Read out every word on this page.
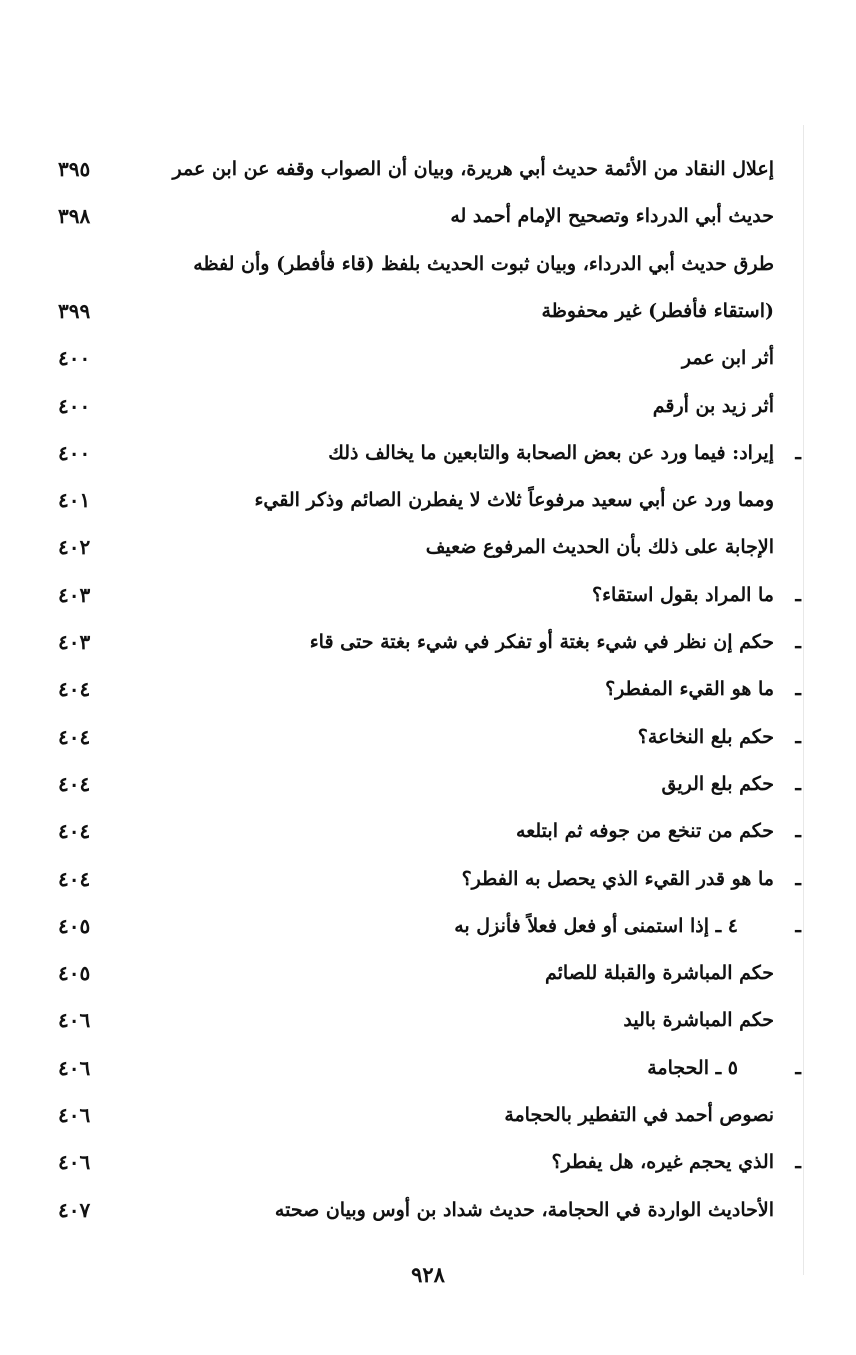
إعلال النقاد من الأئمة حديث أبي هريرة، وبيان أن الصواب وقفه عن ابن عمر
٣٩٥
حديث أبي الدرداء وتصحيح الإمام أحمد له
٣٩٨
طرق حديث أبي الدرداء، وبيان ثبوت الحديث بلفظ (قاء فأفطر) وأن لفظه
(استقاء فأفطر) غير محفوظة
٣٩٩
أثر ابن عمر
٤٠٠
أثر زيد بن أرقم
٤٠٠
ـ
إيراد: فيما ورد عن بعض الصحابة والتابعين ما يخالف ذلك
٤٠٠
ومما ورد عن أبي سعيد مرفوعاً ثلاث لا يفطرن الصائم وذكر القيء
٤٠١
الإجابة على ذلك بأن الحديث المرفوع ضعيف
٤٠٢
ـ
ما المراد بقول استقاء؟
٤٠٣
ـ
حكم إن نظر في شيء بغتة أو تفكر في شيء بغتة حتى قاء
٤٠٣
ـ
ما هو القيء المفطر؟
٤٠٤
ـ
حكم بلع النخاعة؟
٤٠٤
ـ
حكم بلع الريق
٤٠٤
ـ
حكم من تنخع من جوفه ثم ابتلعه
٤٠٤
ـ
ما هو قدر القيء الذي يحصل به الفطر؟
٤٠٤
ـ
٤ ـ إذا استمنى أو فعل فعلاً فأنزل به
٤٠٥
حكم المباشرة والقبلة للصائم
٤٠٥
حكم المباشرة باليد
٤٠٦
ـ
٥ ـ الحجامة
٤٠٦
نصوص أحمد في التفطير بالحجامة
٤٠٦
ـ
الذي يحجم غيره، هل يفطر؟
٤٠٦
الأحاديث الواردة في الحجامة، حديث شداد بن أوس وبيان صحته
٤٠٧
٩٢٨
